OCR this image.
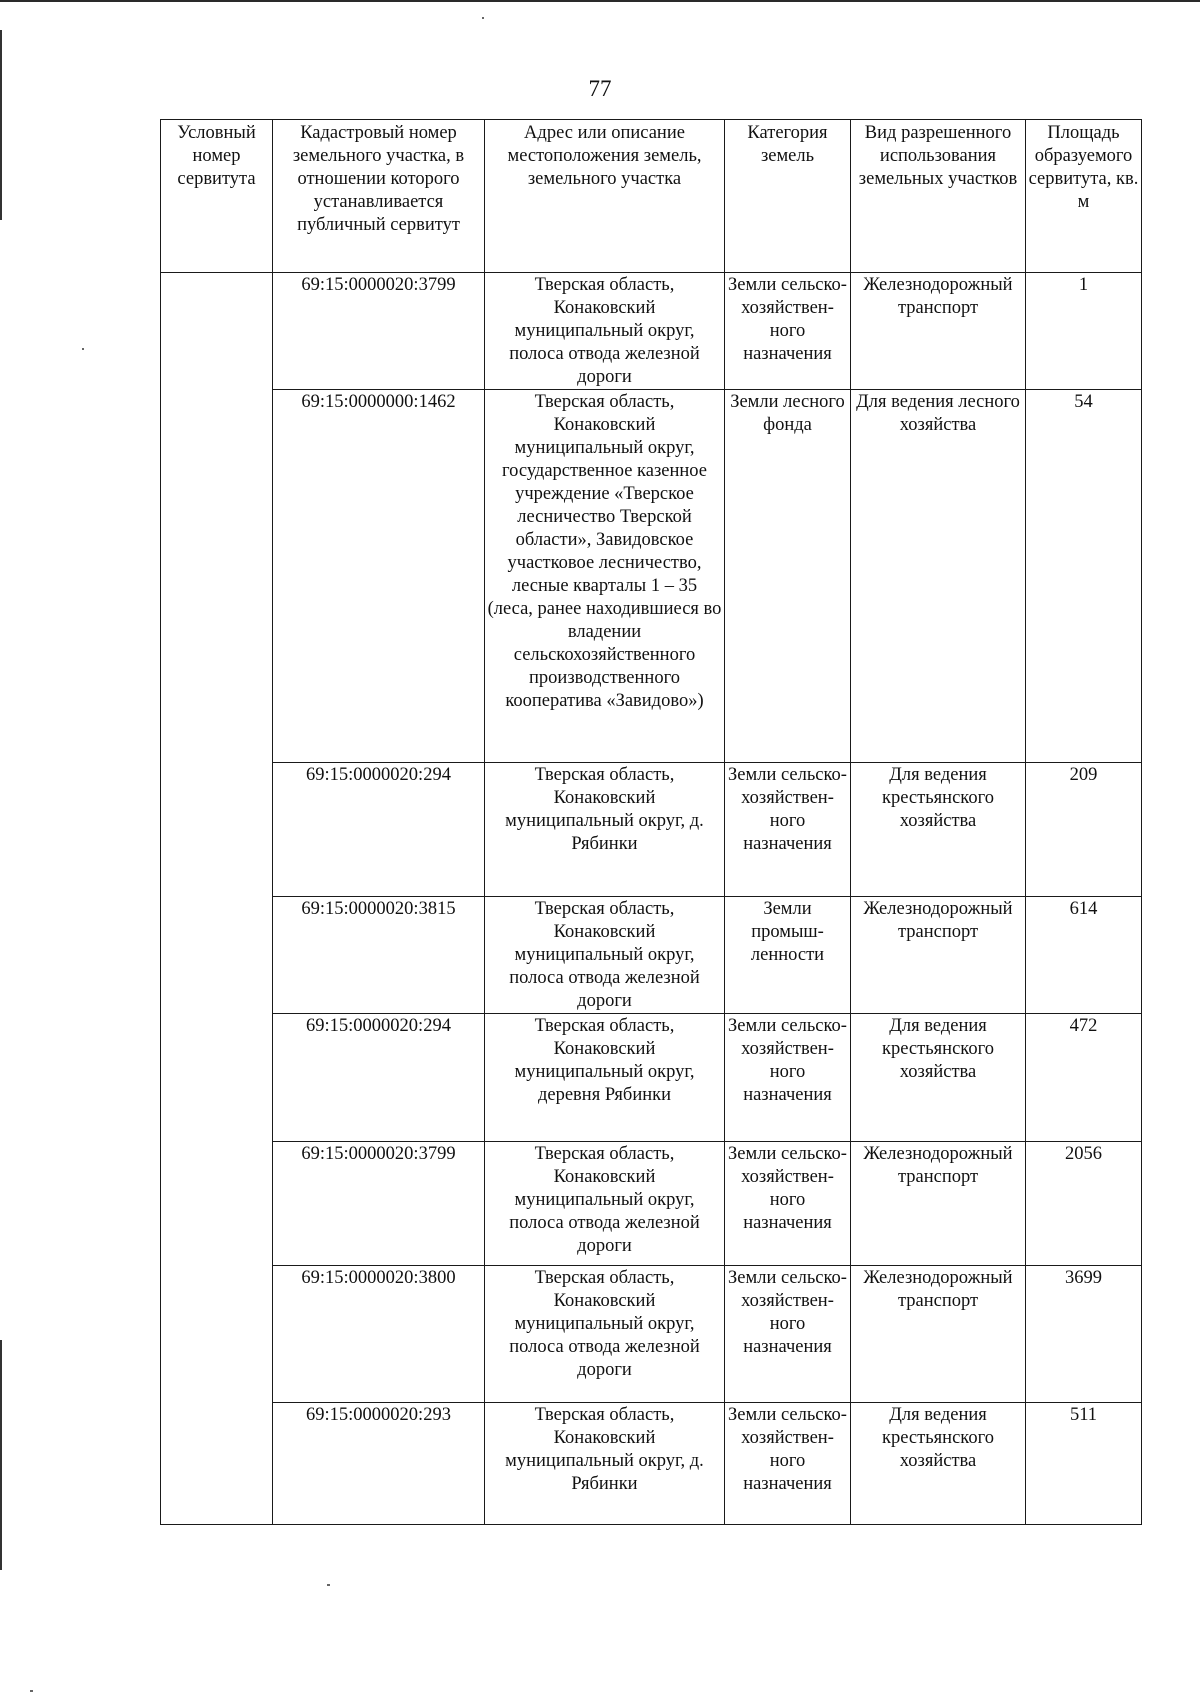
77
Условный номер сервитута	Кадастровый номер земельного участка, в отношении которого устанавливается публичный сервитут	Адрес или описание местоположения земель, земельного участка	Категория земель	Вид разрешенного использования земельных участков	Площадь образуемого сервитута, кв. м
	69:15:0000020:3799	Тверская область, Конаковский муниципальный округ, полоса отвода железной дороги	Земли сельско-хозяйствен-ного назначения	Железнодорожный транспорт	1
	69:15:0000000:1462	Тверская область, Конаковский муниципальный округ, государственное казенное учреждение «Тверское лесничество Тверской области», Завидовское участковое лесничество, лесные кварталы 1 – 35 (леса, ранее находившиеся во владении сельскохозяйственного производственного кооператива «Завидово»)	Земли лесного фонда	Для ведения лесного хозяйства	54
	69:15:0000020:294	Тверская область, Конаковский муниципальный округ, д. Рябинки	Земли сельско-хозяйствен-ного назначения	Для ведения крестьянского хозяйства	209
	69:15:0000020:3815	Тверская область, Конаковский муниципальный округ, полоса отвода железной дороги	Земли промыш-ленности	Железнодорожный транспорт	614
	69:15:0000020:294	Тверская область, Конаковский муниципальный округ, деревня Рябинки	Земли сельско-хозяйствен-ного назначения	Для ведения крестьянского хозяйства	472
	69:15:0000020:3799	Тверская область, Конаковский муниципальный округ, полоса отвода железной дороги	Земли сельско-хозяйствен-ного назначения	Железнодорожный транспорт	2056
	69:15:0000020:3800	Тверская область, Конаковский муниципальный округ, полоса отвода железной дороги	Земли сельско-хозяйствен-ного назначения	Железнодорожный транспорт	3699
	69:15:0000020:293	Тверская область, Конаковский муниципальный округ, д. Рябинки	Земли сельско-хозяйствен-ного назначения	Для ведения крестьянского хозяйства	511
